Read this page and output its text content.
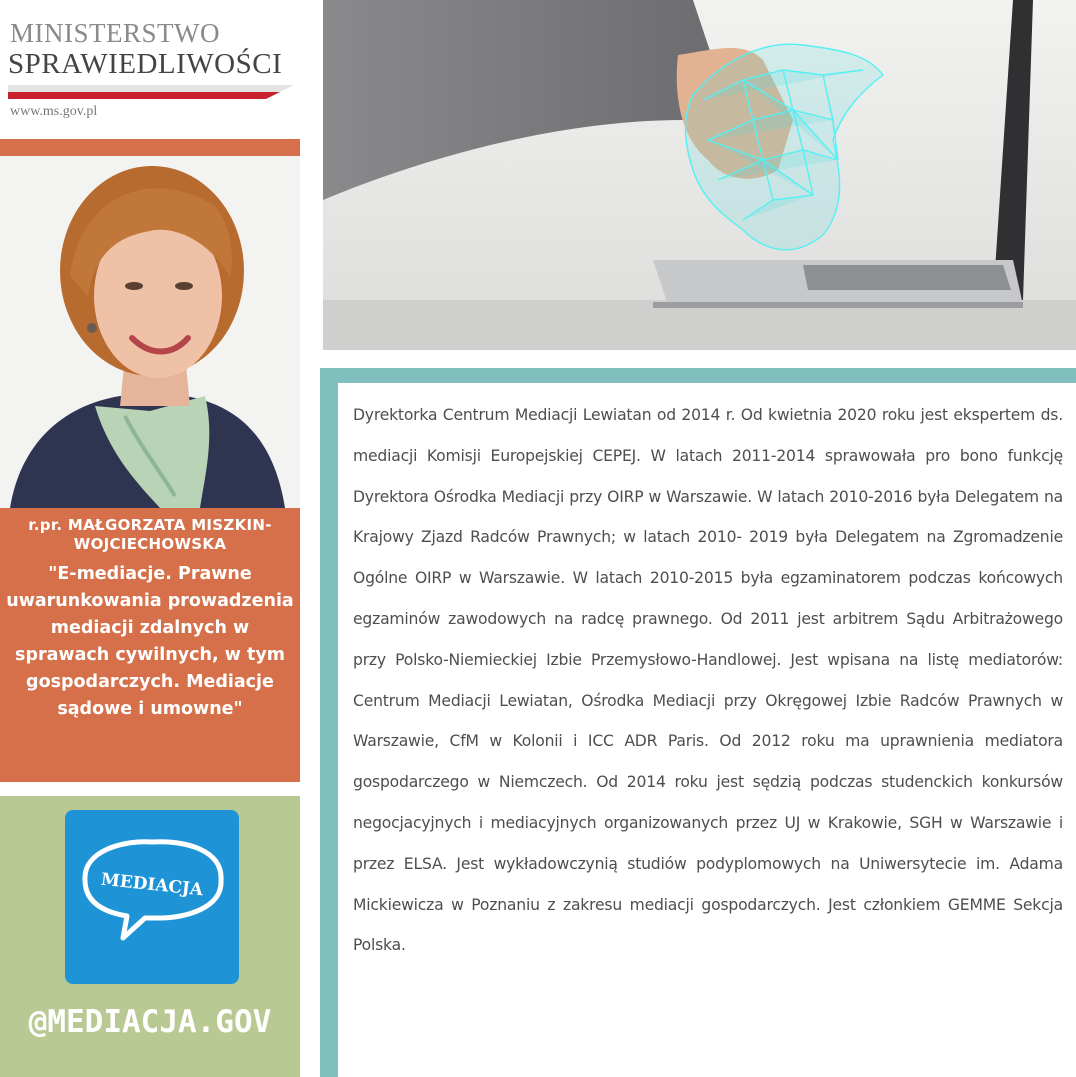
MINISTERSTWO
SPRAWIEDLIWOŚCI
www.ms.gov.pl
r.pr. MAŁGORZATA MISZKIN-WOJCIECHOWSKA
"E-mediacje. Prawne uwarunkowania prowadzenia mediacji zdalnych w sprawach cywilnych, w tym gospodarczych. Mediacje sądowe i umowne"
MEDIACJA
@MEDIACJA.GOV

Dyrektorka Centrum Mediacji Lewiatan od 2014 r. Od kwietnia 2020 roku jest ekspertem ds. mediacji Komisji Europejskiej CEPEJ. W latach 2011-2014 sprawowała pro bono funkcję Dyrektora Ośrodka Mediacji przy OIRP w Warszawie. W latach 2010-2016 była Delegatem na Krajowy Zjazd Radców Prawnych; w latach 2010- 2019 była Delegatem na Zgromadzenie Ogólne OIRP w Warszawie. W latach 2010-2015 była egzaminatorem podczas końcowych egzaminów zawodowych na radcę prawnego. Od 2011 jest arbitrem Sądu Arbitrażowego przy Polsko-Niemieckiej Izbie Przemysłowo-Handlowej. Jest wpisana na listę mediatorów: Centrum Mediacji Lewiatan, Ośrodka Mediacji przy Okręgowej Izbie Radców Prawnych w Warszawie, CfM w Kolonii i ICC ADR Paris. Od 2012 roku ma uprawnienia mediatora gospodarczego w Niemczech. Od 2014 roku jest sędzią podczas studenckich konkursów negocjacyjnych i mediacyjnych organizowanych przez UJ w Krakowie, SGH w Warszawie i przez ELSA. Jest wykładowczynią studiów podyplomowych na Uniwersytecie im. Adama Mickiewicza w Poznaniu z zakresu mediacji gospodarczych. Jest członkiem GEMME Sekcja Polska.
